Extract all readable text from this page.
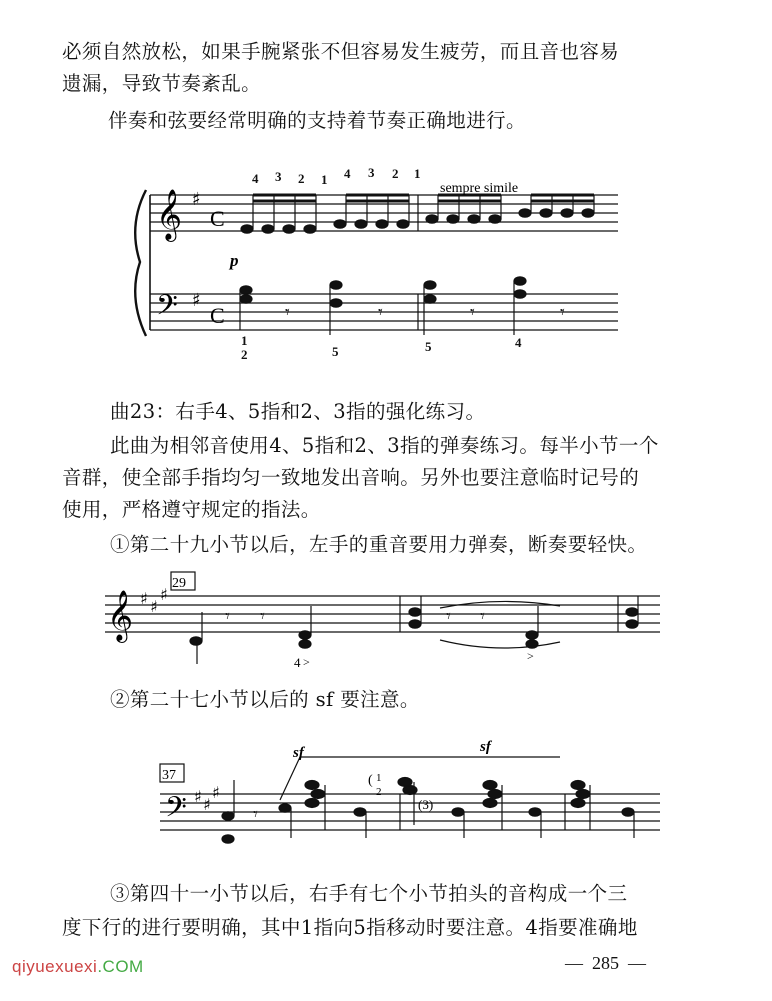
必须自然放松，如果手腕紧张不但容易发生疲劳，而且音也容易
遗漏，导致节奏紊乱。
伴奏和弦要经常明确的支持着节奏正确地进行。
𝄞
𝄢
♯
♯
C
C	𝄾	𝄾	𝄾	𝄾
4 3 2 1 4 3 2 1
sempre simile
p
1
2	5	5	4
曲23：右手4、5指和2、3指的强化练习。
此曲为相邻音使用4、5指和2、3指的弹奏练习。每半小节一个
音群，使全部手指均匀一致地发出音响。另外也要注意临时记号的
使用，严格遵守规定的指法。
①第二十九小节以后，左手的重音要用力弹奏，断奏要轻快。
29
𝄞 ♯ ♯
♯
𝄾 𝄾	𝄾 𝄾
4 >	>
②第二十七小节以后的 sf 要注意。
37
𝄢 ♯ ♯
♯
sf	sf
𝄾
( 1
2
(3)
③第四十一小节以后，右手有七个小节拍头的音构成一个三
度下行的进行要明确，其中1指向5指移动时要注意。4指要准确地
qiyuexuexi.COM	— 285 —
